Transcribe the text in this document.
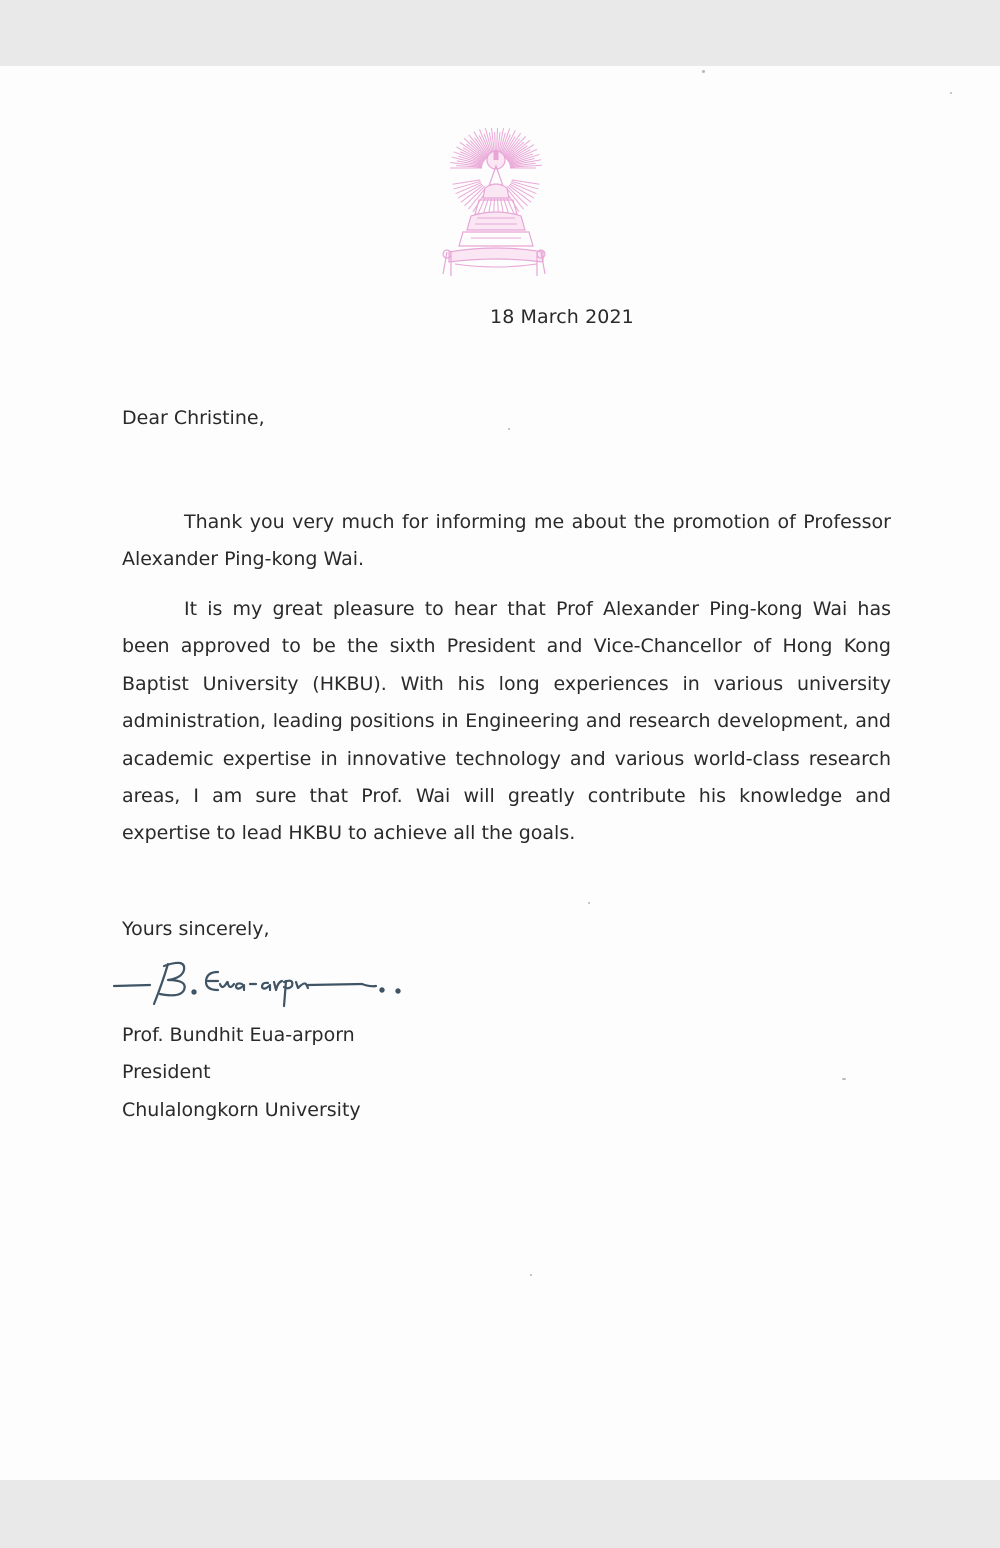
18 March 2021
Dear Christine,

Thank you very much for informing me about the promotion of Professor Alexander Ping-kong Wai.

It is my great pleasure to hear that Prof Alexander Ping-kong Wai has been approved to be the sixth President and Vice-Chancellor of Hong Kong Baptist University (HKBU). With his long experiences in various university administration, leading positions in Engineering and research development, and academic expertise in innovative technology and various world-class research areas, I am sure that Prof. Wai will greatly contribute his knowledge and expertise to lead HKBU to achieve all the goals.

Yours sincerely,
Prof. Bundhit Eua-arporn
President
Chulalongkorn University
